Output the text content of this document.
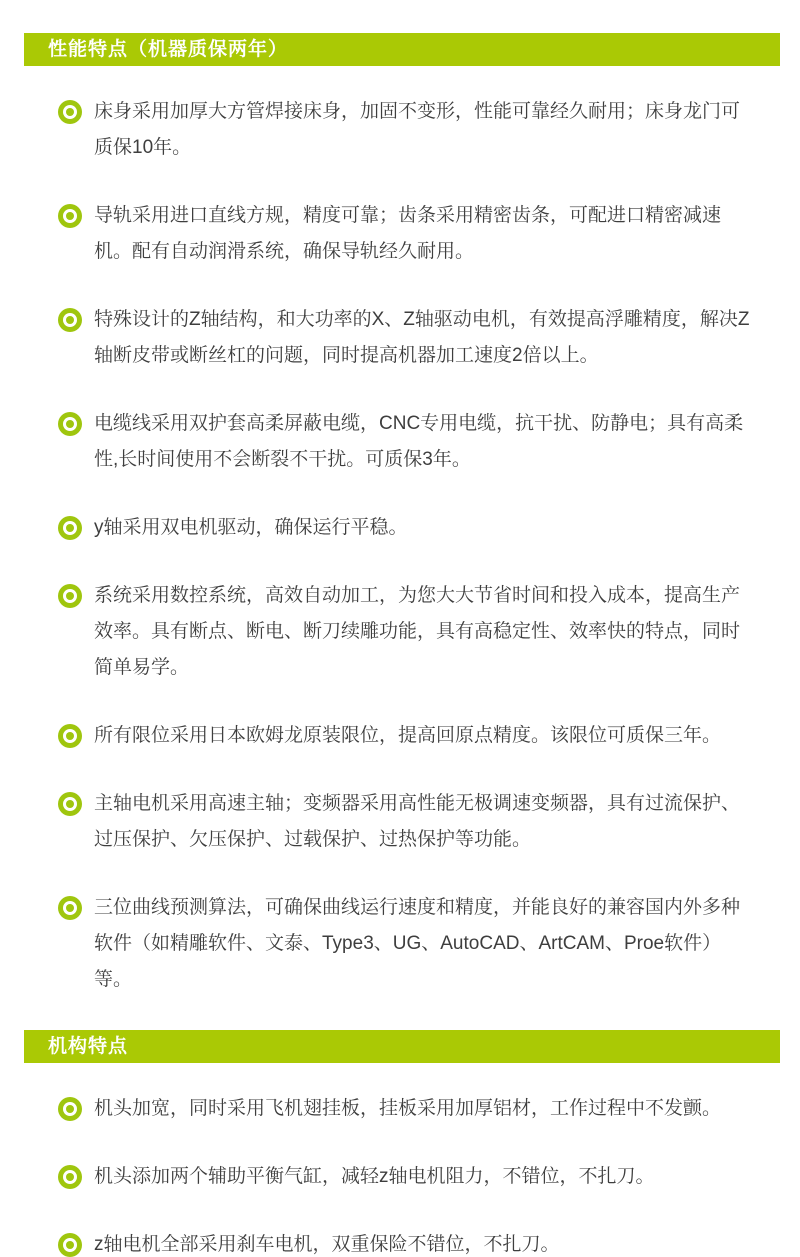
性能特点（机器质保两年）
床身采用加厚大方管焊接床身，加固不变形，性能可靠经久耐用；床身龙门可质保10年。
导轨采用进口直线方规，精度可靠；齿条采用精密齿条，可配进口精密减速机。配有自动润滑系统，确保导轨经久耐用。
特殊设计的Z轴结构，和大功率的X、Z轴驱动电机，有效提高浮雕精度，解决Z轴断皮带或断丝杠的问题，同时提高机器加工速度2倍以上。
电缆线采用双护套高柔屏蔽电缆，CNC专用电缆，抗干扰、防静电；具有高柔性,长时间使用不会断裂不干扰。可质保3年。
y轴采用双电机驱动，确保运行平稳。
系统采用数控系统，高效自动加工，为您大大节省时间和投入成本，提高生产效率。具有断点、断电、断刀续雕功能，具有高稳定性、效率快的特点，同时简单易学。
所有限位采用日本欧姆龙原装限位，提高回原点精度。该限位可质保三年。
主轴电机采用高速主轴；变频器采用高性能无极调速变频器，具有过流保护、过压保护、欠压保护、过载保护、过热保护等功能。
三位曲线预测算法，可确保曲线运行速度和精度，并能良好的兼容国内外多种软件（如精雕软件、文泰、Type3、UG、AutoCAD、ArtCAM、Proe软件）等。
机构特点
机头加宽，同时采用飞机翅挂板，挂板采用加厚铝材，工作过程中不发颤。
机头添加两个辅助平衡气缸，减轻z轴电机阻力，不错位，不扎刀。
z轴电机全部采用刹车电机，双重保险不错位，不扎刀。
